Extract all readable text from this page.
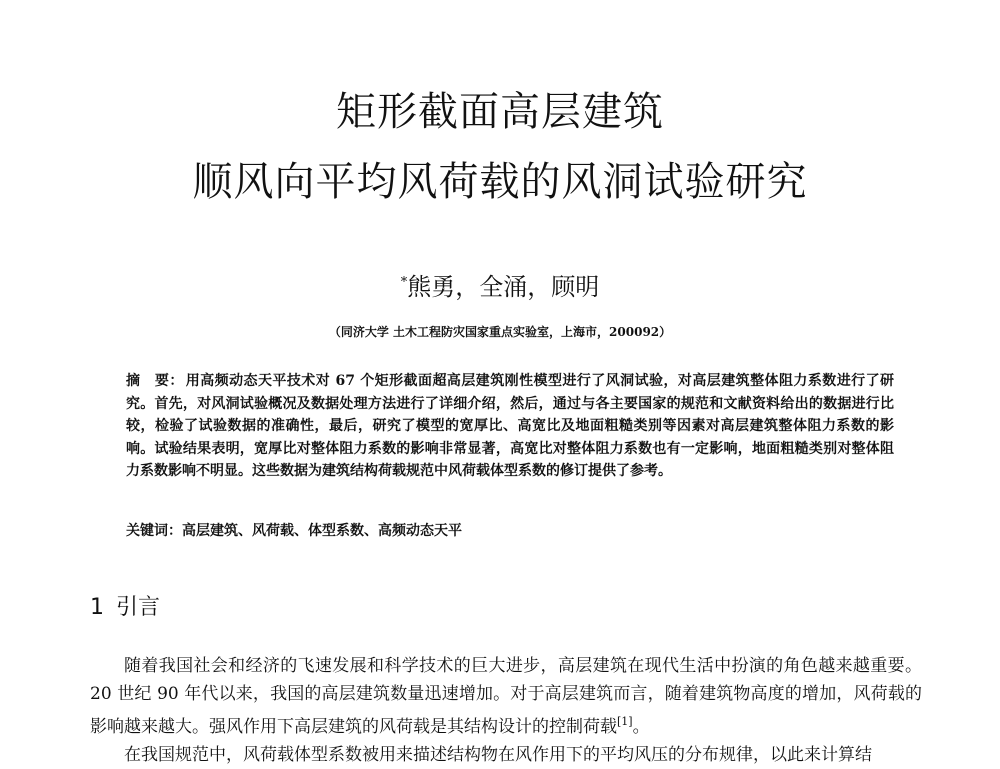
矩形截面高层建筑
顺风向平均风荷载的风洞试验研究
*熊勇，全涌，顾明
（同济大学 土木工程防灾国家重点实验室，上海市，200092）
摘　要： 用高频动态天平技术对 67 个矩形截面超高层建筑刚性模型进行了风洞试验，对高层建筑整体阻力系数进行了研究。首先，对风洞试验概况及数据处理方法进行了详细介绍，然后，通过与各主要国家的规范和文献资料给出的数据进行比较，检验了试验数据的准确性，最后，研究了模型的宽厚比、高宽比及地面粗糙类别等因素对高层建筑整体阻力系数的影响。试验结果表明，宽厚比对整体阻力系数的影响非常显著，高宽比对整体阻力系数也有一定影响，地面粗糙类别对整体阻力系数影响不明显。这些数据为建筑结构荷载规范中风荷载体型系数的修订提供了参考。
关键词：高层建筑、风荷载、体型系数、高频动态天平
1 引言

随着我国社会和经济的飞速发展和科学技术的巨大进步，高层建筑在现代生活中扮演的角色越来越重要。20 世纪 90 年代以来，我国的高层建筑数量迅速增加。对于高层建筑而言，随着建筑物高度的增加，风荷载的影响越来越大。强风作用下高层建筑的风荷载是其结构设计的控制荷载[1]。

在我国规范中，风荷载体型系数被用来描述结构物在风作用下的平均风压的分布规律，以此来计算结
